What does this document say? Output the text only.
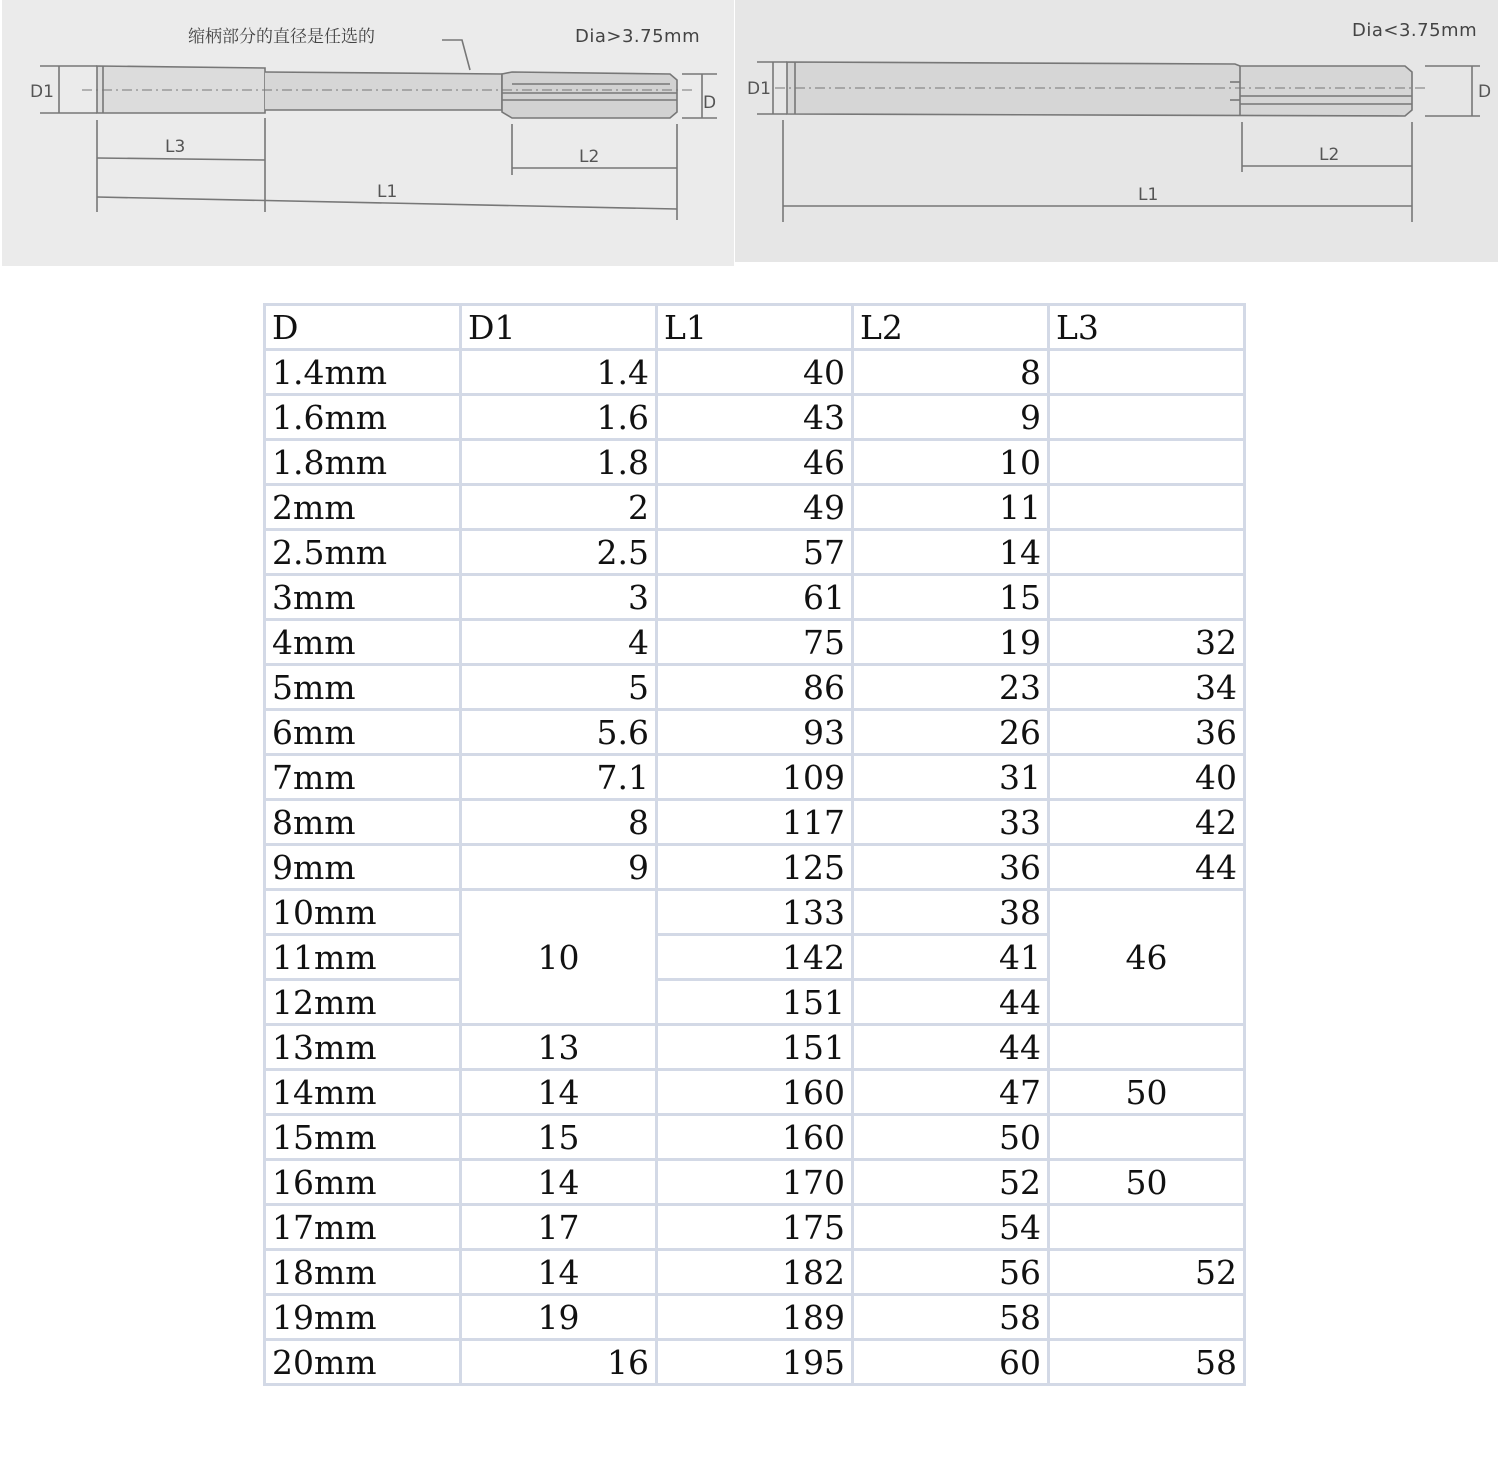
缩柄部分的直径是任选的	Dia>3.75mm
D1
D
L3	L2
L1
Dia<3.75mm
D1	D
L2
L1
D	D1	L1	L2	L3
1.4mm	1.4	40	8	
1.6mm	1.6	43	9	
1.8mm	1.8	46	10	
2mm	2	49	11	
2.5mm	2.5	57	14	
3mm	3	61	15	
4mm	4	75	19	32
5mm	5	86	23	34
6mm	5.6	93	26	36
7mm	7.1	109	31	40
8mm	8	117	33	42
9mm	9	125	36	44
10mm	10	133	38	46
11mm		142	41	
12mm		151	44	
13mm	13	151	44	
14mm	14	160	47	50
15mm	15	160	50	
16mm	14	170	52	50
17mm	17	175	54	
18mm	14	182	56	52
19mm	19	189	58	
20mm	16	195	60	58
